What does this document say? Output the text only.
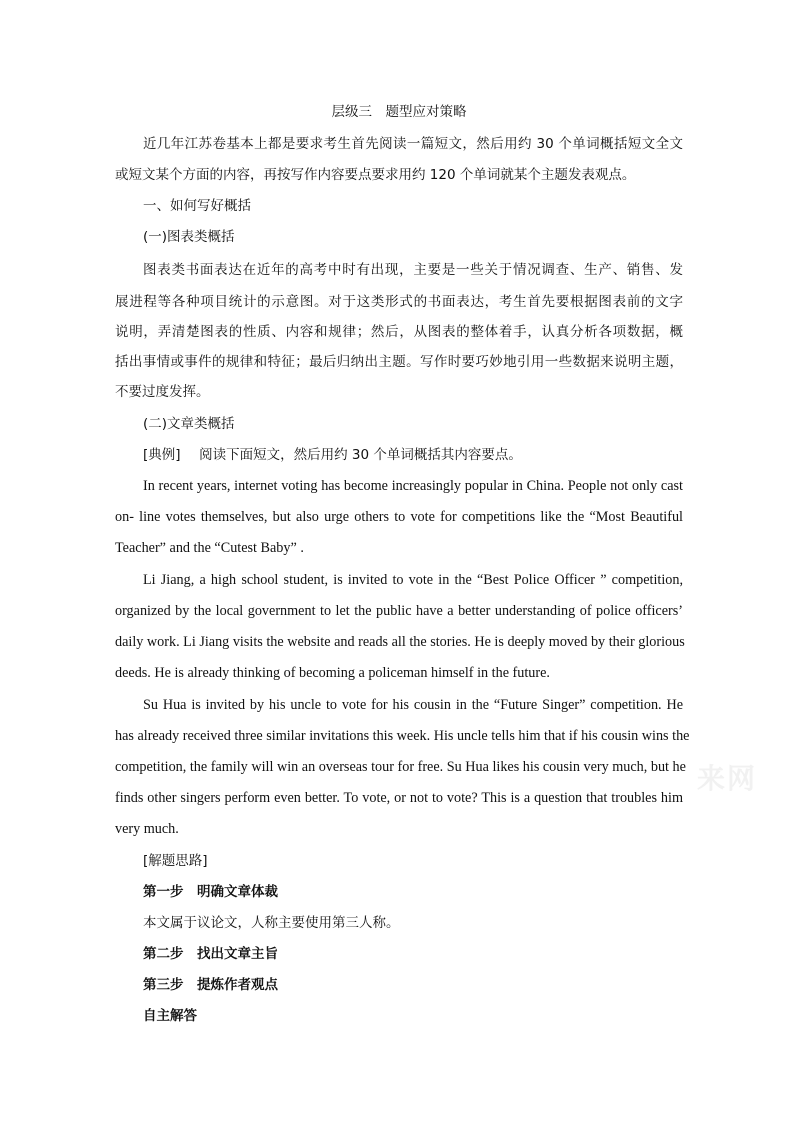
层级三　题型应对策略
近几年江苏卷基本上都是要求考生首先阅读一篇短文，然后用约 30 个单词概括短文全文
或短文某个方面的内容，再按写作内容要点要求用约 120 个单词就某个主题发表观点。
一、如何写好概括
(一)图表类概括
图表类书面表达在近年的高考中时有出现，主要是一些关于情况调查、生产、销售、发
展进程等各种项目统计的示意图。对于这类形式的书面表达，考生首先要根据图表前的文字
说明，弄清楚图表的性质、内容和规律；然后，从图表的整体着手，认真分析各项数据，概
括出事情或事件的规律和特征；最后归纳出主题。写作时要巧妙地引用一些数据来说明主题，
不要过度发挥。
(二)文章类概括
[典例] 阅读下面短文，然后用约 30 个单词概括其内容要点。
In recent years, internet voting has become increasingly popular in China. People not only cast
on- line votes themselves, but also urge others to vote for competitions like the “Most Beautiful
Teacher” and the “Cutest Baby” .
Li Jiang, a high school student, is invited to vote in the “Best Police Officer ” competition,
organized by the local government to let the public have a better understanding of police officers’
daily work. Li Jiang visits the website and reads all the stories. He is deeply moved by their glorious
deeds. He is already thinking of becoming a policeman himself in the future.
Su Hua is invited by his uncle to vote for his cousin in the “Future Singer” competition. He
has already received three similar invitations this week. His uncle tells him that if his cousin wins the
competition, the family will win an overseas tour for free. Su Hua likes his cousin very much, but he
finds other singers perform even better. To vote, or not to vote? This is a question that troubles him
very much.
[解题思路]
第一步　明确文章体裁
本文属于议论文，人称主要使用第三人称。
第二步　找出文章主旨
第三步　提炼作者观点
自主解答
来网
